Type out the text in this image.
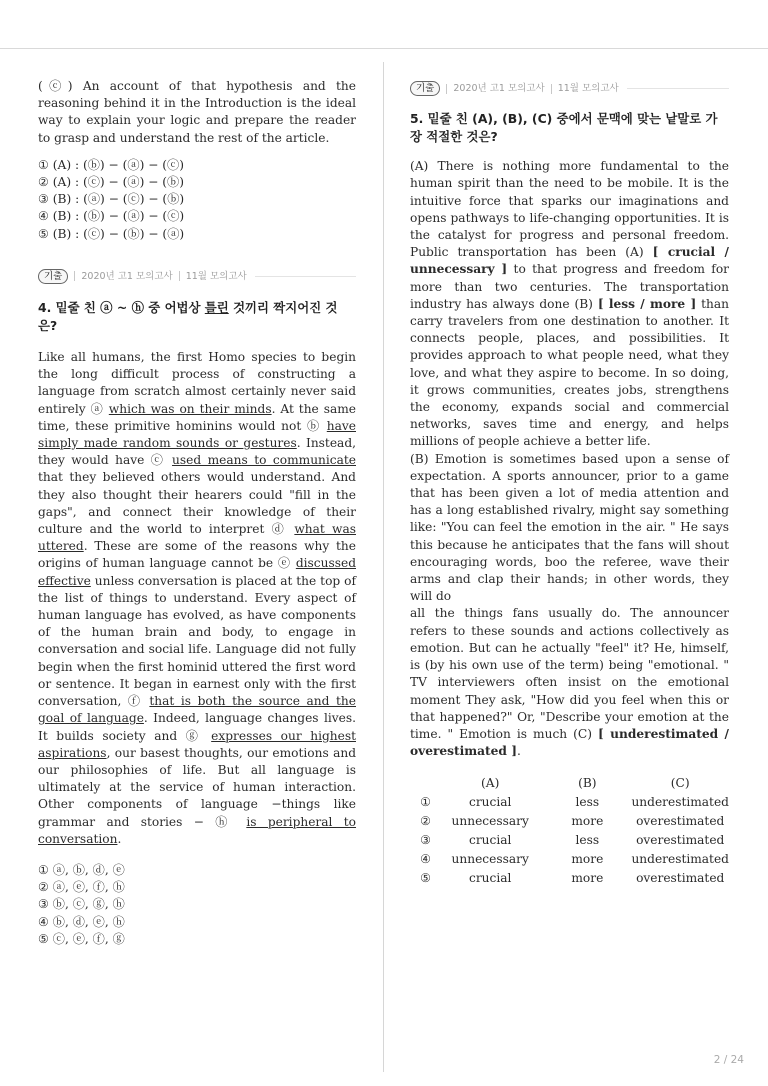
(ⓒ) An account of that hypothesis and the reasoning behind it in the Introduction is the ideal way to explain your logic and prepare the reader to grasp and understand the rest of the article.

① (A) : (ⓑ) − (ⓐ) − (ⓒ)
② (A) : (ⓒ) − (ⓐ) − (ⓑ)
③ (B) : (ⓐ) − (ⓒ) − (ⓑ)
④ (B) : (ⓑ) − (ⓐ) − (ⓒ)
⑤ (B) : (ⓒ) − (ⓑ) − (ⓐ)
기출	2020년 고1 모의고사 11월 모의고사

4. 밑줄 친 ⓐ ~ ⓗ 중 어법상 틀린 것끼리 짝지어진 것은?

Like all humans, the first Homo species to begin the long difficult process of constructing a language from scratch almost certainly never said entirely ⓐ which was on their minds. At the same time, these primitive hominins would not ⓑ have simply made random sounds or gestures. Instead, they would have ⓒ used means to communicate that they believed others would understand. And they also thought their hearers could "fill in the gaps", and connect their knowledge of their culture and the world to interpret ⓓ what was uttered. These are some of the reasons why the origins of human language cannot be ⓔ discussed effective unless conversation is placed at the top of the list of things to understand. Every aspect of human language has evolved, as have components of the human brain and body, to engage in conversation and social life. Language did not fully begin when the first hominid uttered the first word or sentence. It began in earnest only with the first conversation, ⓕ that is both the source and the goal of language. Indeed, language changes lives. It builds society and ⓖ expresses our highest aspirations, our basest thoughts, our emotions and our philosophies of life. But all language is ultimately at the service of human interaction. Other components of language −things like grammar and stories − ⓗ is peripheral to conversation.

① ⓐ, ⓑ, ⓓ, ⓔ
② ⓐ, ⓔ, ⓕ, ⓗ
③ ⓑ, ⓒ, ⓖ, ⓗ
④ ⓑ, ⓓ, ⓔ, ⓗ
⑤ ⓒ, ⓔ, ⓕ, ⓖ
기출	2020년 고1 모의고사 11월 모의고사

5. 밑줄 친 (A), (B), (C) 중에서 문맥에 맞는 낱말로 가장 적절한 것은?

(A) There is nothing more fundamental to the human spirit than the need to be mobile. It is the intuitive force that sparks our imaginations and opens pathways to life-changing opportunities. It is the catalyst for progress and personal freedom. Public transportation has been (A) [ crucial / unnecessary ] to that progress and freedom for more than two centuries. The transportation industry has always done (B) [ less / more ] than carry travelers from one destination to another. It connects people, places, and possibilities. It provides approach to what people need, what they love, and what they aspire to become. In so doing, it grows communities, creates jobs, strengthens the economy, expands social and commercial networks, saves time and energy, and helps millions of people achieve a better life.

(B) Emotion is sometimes based upon a sense of expectation. A sports announcer, prior to a game that has been given a lot of media attention and has a long established rivalry, might say something like: "You can feel the emotion in the air. " He says this because he anticipates that the fans will shout encouraging words, boo the referee, wave their arms and clap their hands; in other words, they will do

all the things fans usually do. The announcer refers to these sounds and actions collectively as emotion. But can he actually "feel" it? He, himself, is (by his own use of the term) being "emotional. " TV interviewers often insist on the emotional moment They ask, "How did you feel when this or that happened?" Or, "Describe your emotion at the time. " Emotion is much (C) [ underestimated / overestimated ].

	(A)	(B)	(C)
①	crucial	less	underestimated
②	unnecessary	more	overestimated
③	crucial	less	overestimated
④	unnecessary	more	underestimated
⑤	crucial	more	overestimated
2 / 24
